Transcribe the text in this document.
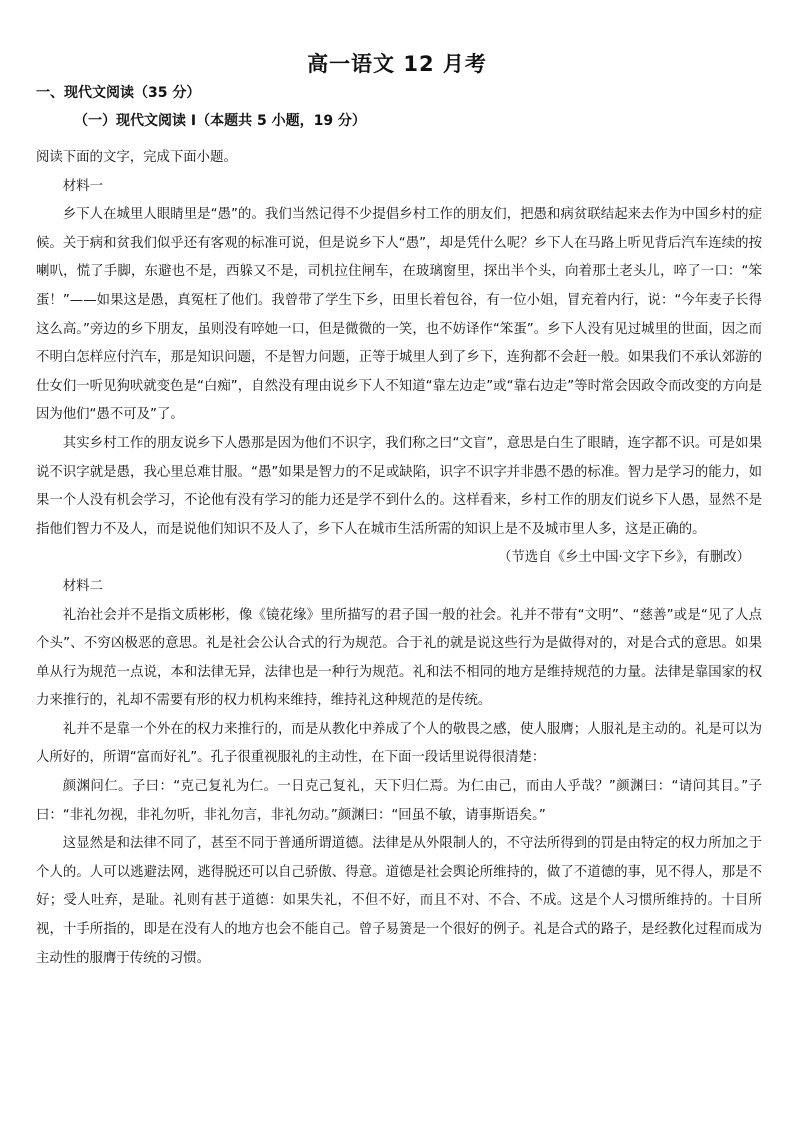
高一语文 12 月考
一、现代文阅读（35 分）
（一）现代文阅读 I（本题共 5 小题，19 分）

阅读下面的文字，完成下面小题。

材料一

乡下人在城里人眼睛里是“愚”的。我们当然记得不少提倡乡村工作的朋友们，把愚和病贫联结起来去作为中国乡村的症候。关于病和贫我们似乎还有客观的标准可说，但是说乡下人“愚”，却是凭什么呢？乡下人在马路上听见背后汽车连续的按喇叭，慌了手脚，东避也不是，西躲又不是，司机拉住闸车，在玻璃窗里，探出半个头，向着那土老头儿，啐了一口：“笨蛋！”——如果这是愚，真冤枉了他们。我曾带了学生下乡，田里长着包谷，有一位小姐，冒充着内行，说：“今年麦子长得这么高。”旁边的乡下朋友，虽则没有啐她一口，但是微微的一笑，也不妨译作“笨蛋”。乡下人没有见过城里的世面，因之而不明白怎样应付汽车，那是知识问题，不是智力问题，正等于城里人到了乡下，连狗都不会赶一般。如果我们不承认郊游的仕女们一听见狗吠就变色是“白痴”，自然没有理由说乡下人不知道“靠左边走”或“靠右边走”等时常会因政令而改变的方向是因为他们“愚不可及”了。

其实乡村工作的朋友说乡下人愚那是因为他们不识字，我们称之曰“文盲”，意思是白生了眼睛，连字都不识。可是如果说不识字就是愚，我心里总难甘服。“愚”如果是智力的不足或缺陷，识字不识字并非愚不愚的标准。智力是学习的能力，如果一个人没有机会学习，不论他有没有学习的能力还是学不到什么的。这样看来，乡村工作的朋友们说乡下人愚，显然不是指他们智力不及人，而是说他们知识不及人了，乡下人在城市生活所需的知识上是不及城市里人多，这是正确的。

（节选自《乡土中国·文字下乡》，有删改）

材料二

礼治社会并不是指文质彬彬，像《镜花缘》里所描写的君子国一般的社会。礼并不带有“文明”、“慈善”或是“见了人点个头”、不穷凶极恶的意思。礼是社会公认合式的行为规范。合于礼的就是说这些行为是做得对的，对是合式的意思。如果单从行为规范一点说，本和法律无异，法律也是一种行为规范。礼和法不相同的地方是维持规范的力量。法律是靠国家的权力来推行的，礼却不需要有形的权力机构来维持，维持礼这种规范的是传统。

礼并不是靠一个外在的权力来推行的，而是从教化中养成了个人的敬畏之感，使人服膺；人服礼是主动的。礼是可以为人所好的，所谓“富而好礼”。孔子很重视服礼的主动性，在下面一段话里说得很清楚：

颜渊问仁。子曰：“克己复礼为仁。一日克己复礼，天下归仁焉。为仁由己，而由人乎哉？”颜渊曰：“请问其目。”子曰：“非礼勿视，非礼勿听，非礼勿言，非礼勿动。”颜渊曰：“回虽不敏，请事斯语矣。”

这显然是和法律不同了，甚至不同于普通所谓道德。法律是从外限制人的，不守法所得到的罚是由特定的权力所加之于个人的。人可以逃避法网，逃得脱还可以自己骄傲、得意。道德是社会舆论所维持的，做了不道德的事，见不得人，那是不好；受人吐弃，是耻。礼则有甚于道德：如果失礼，不但不好，而且不对、不合、不成。这是个人习惯所维持的。十目所视，十手所指的，即是在没有人的地方也会不能自己。曾子易箦是一个很好的例子。礼是合式的路子，是经教化过程而成为主动性的服膺于传统的习惯。
